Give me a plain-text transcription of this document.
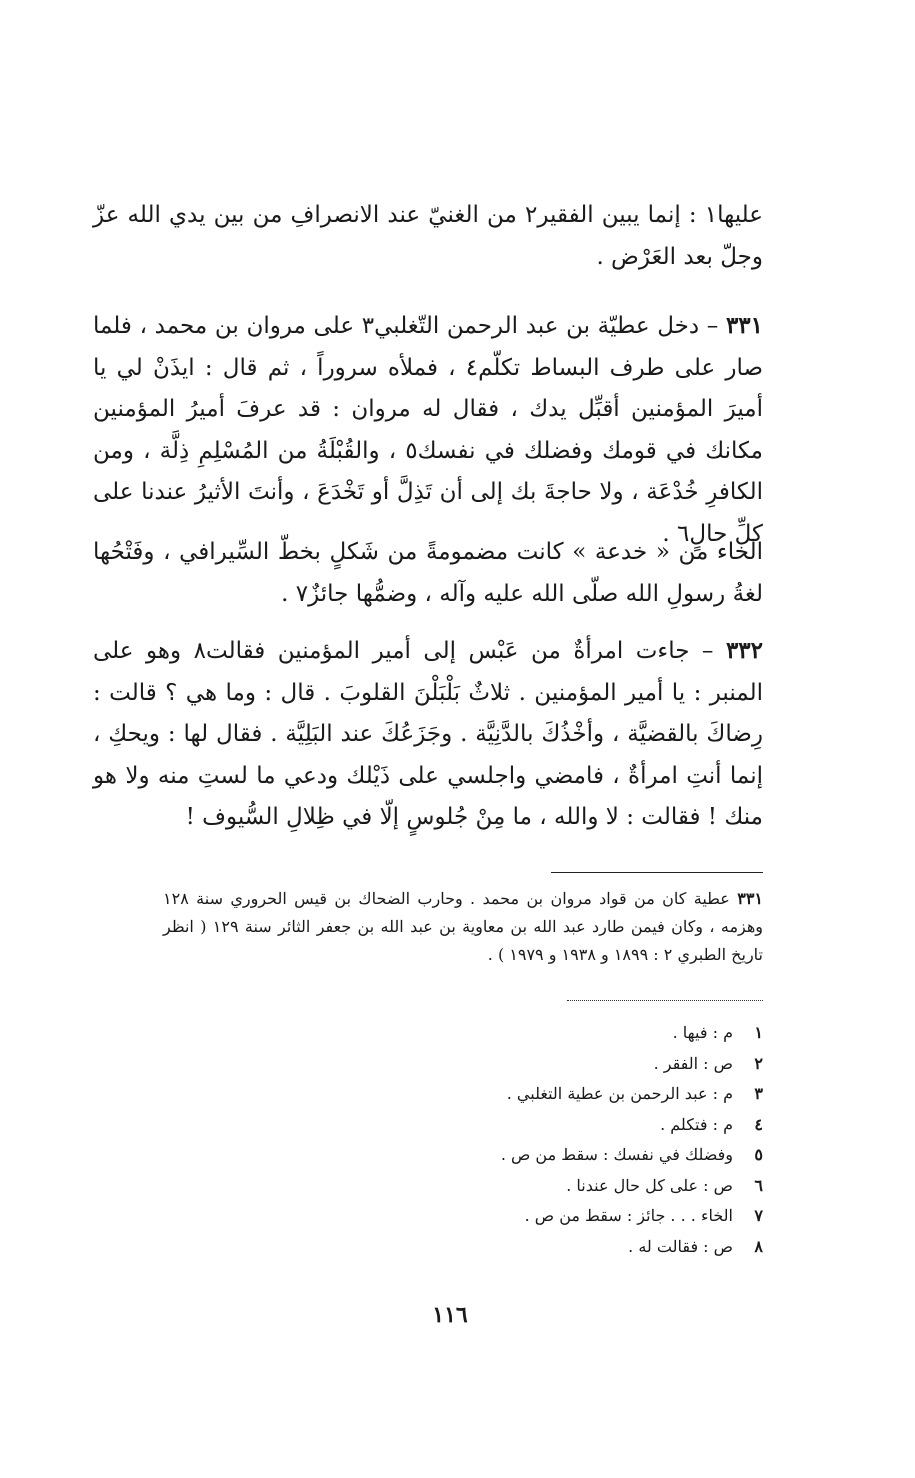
عليها١ : إنما يبين الفقير٢ من الغنيّ عند الانصرافِ من بين يدي الله عزّ وجلّ بعد العَرْض .

٣٣١ – دخل عطيّة بن عبد الرحمن التّغلبي٣ على مروان بن محمد ، فلما صار على طرف البساط تكلّم٤ ، فملأه سروراً ، ثم قال : ايذَنْ لي يا أميرَ المؤمنين أقبِّل يدك ، فقال له مروان : قد عرفَ أميرُ المؤمنين مكانك في قومك وفضلك في نفسك٥ ، والقُبْلَةُ من المُسْلِمِ ذِلَّة ، ومن الكافرِ خُدْعَة ، ولا حاجةَ بك إلى أن تَذِلَّ أو تَخْدَعَ ، وأنتَ الأثيرُ عندنا على كلِّ حالٍ٦ .

الخاء من « خدعة » كانت مضمومةً من شَكلٍ بخطّ السِّيرافي ، وفَتْحُها لغةُ رسولِ الله صلّى الله عليه وآله ، وضمُّها جائزٌ٧ .

٣٣٢ – جاءت امرأةٌ من عَبْس إلى أمير المؤمنين فقالت٨ وهو على المنبر : يا أمير المؤمنين . ثلاثٌ بَلْبَلْنَ القلوبَ . قال : وما هي ؟ قالت : رِضاكَ بالقضيَّة ، وأخْذُكَ بالدَّنِيَّة . وجَزَعُكَ عند البَلِيَّة . فقال لها : ويحكِ ، إنما أنتِ امرأةٌ ، فامضي واجلسي على ذَيْلك ودعي ما لستِ منه ولا هو منك ! فقالت : لا والله ، ما مِنْ جُلوسٍ إلّا في ظِلالِ السُّيوف !

٣٣١ عطية كان من قواد مروان بن محمد . وحارب الضحاك بن قيس الحروري سنة ١٢٨ وهزمه ، وكان فيمن طارد عبد الله بن معاوية بن عبد الله بن جعفر الثائر سنة ١٢٩ ( انظر تاريخ الطبري ٢ : ١٨٩٩ و ١٩٣٨ و ١٩٧٩ ) .

١
م : فيها .
٢
ص : الفقر .
٣
م : عبد الرحمن بن عطية التغلبي .
٤
م : فتكلم .
٥
وفضلك في نفسك : سقط من ص .
٦
ص : على كل حال عندنا .
٧
الخاء . . . جائز : سقط من ص .
٨
ص : فقالت له .
١١٦
